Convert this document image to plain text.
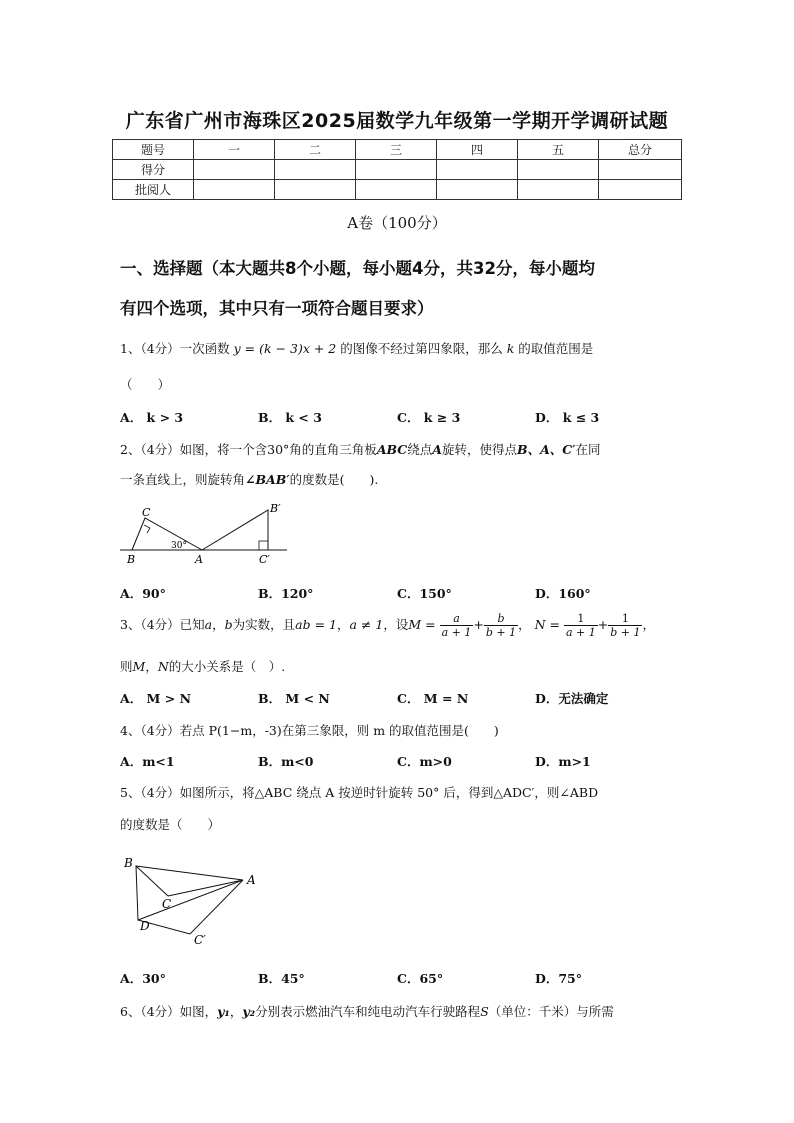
广东省广州市海珠区2025届数学九年级第一学期开学调研试题
题号	一	二	三	四	五	总分
得分						
批阅人						
A卷（100分）
一、选择题（本大题共8个小题，每小题4分，共32分，每小题均
有四个选项，其中只有一项符合题目要求）
1、（4分）一次函数 y = (k − 3)x + 2 的图像不经过第四象限，那么 k 的取值范围是
（　　）
A． k > 3	B． k < 3	C． k ≥ 3	D． k ≤ 3
2、（4分）如图，将一个含30°角的直角三角板ABC绕点A旋转，使得点B、A、C′在同
一条直线上，则旋转角∠BAB′的度数是(　　).
C	B′
30°
B	A	C′
A．90°	B．120°	C．150°	D．160°
3、（4分）已知a，b为实数，且ab = 1，a ≠ 1，设$M = \frac{a}{a + 1} + \frac{b}{b + 1}$ ， $N = \frac{1}{a + 1} + \frac{1}{b + 1}$ ，
则M，N的大小关系是（　）.
A． M > N	B． M < N	C． M = N	D．无法确定
4、（4分）若点 P(1−m，-3)在第三象限，则 m 的取值范围是(　　)
A．m<1	B．m<0	C．m>0	D．m>1
5、（4分）如图所示，将△ABC 绕点 A 按逆时针旋转 50° 后，得到△ADC′，则∠ABD
的度数是（　　）
B
A
C
D
C′
A．30°	B．45°	C．65°	D．75°
6、（4分）如图，y₁，y₂分别表示燃油汽车和纯电动汽车行驶路程S（单位：千米）与所需
